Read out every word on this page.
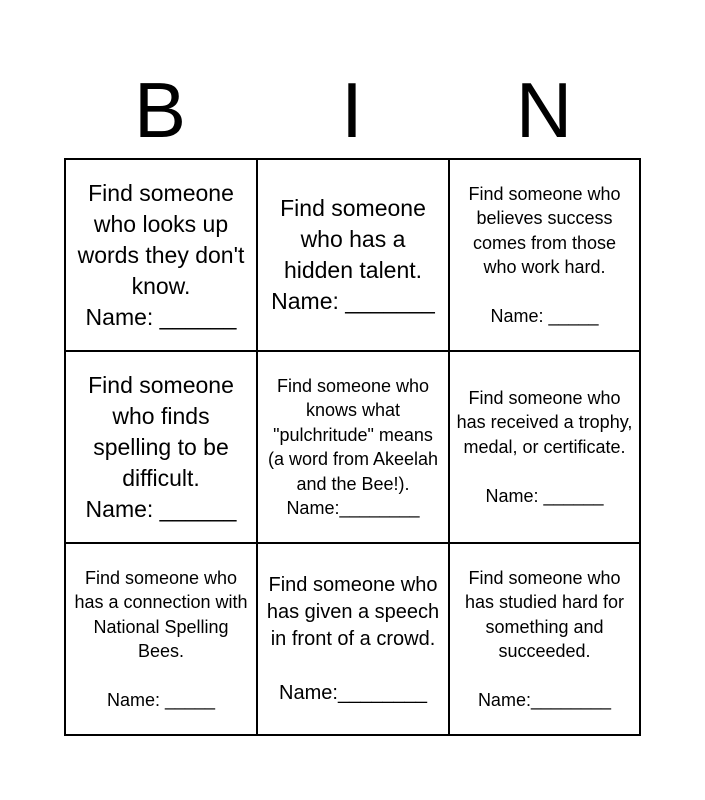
B	I	N
Find someone who looks up words they don't know.
Name: ______
Find someone who has a hidden talent.
Name: _______
Find someone who believes success comes from those who work hard.

Name: _____
Find someone who finds spelling to be difficult.
Name: ______
Find someone who knows what "pulchritude" means (a word from Akeelah and the Bee!).
Name:________
Find someone who has received a trophy, medal, or certificate.

Name: ______
Find someone who has a connection with National Spelling Bees.

Name: _____
Find someone who has given a speech in front of a crowd.

Name:________
Find someone who has studied hard for something and succeeded.

Name:________
